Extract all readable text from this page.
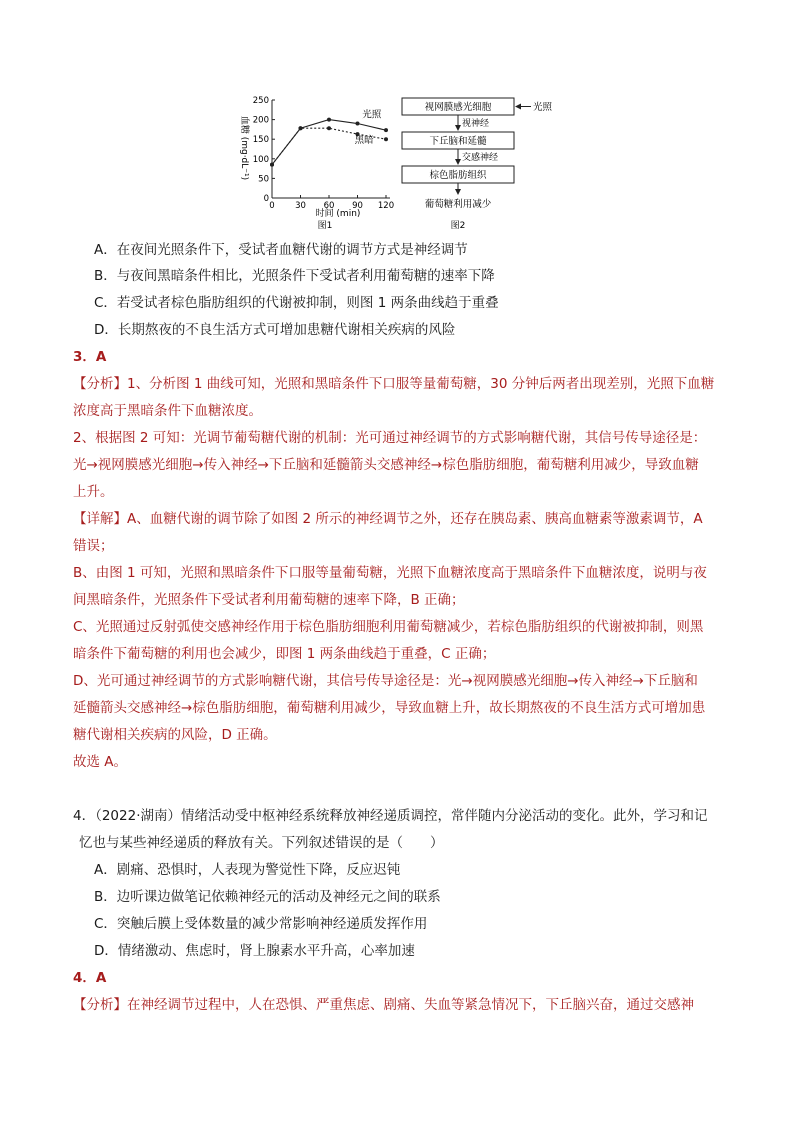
血糖 (mg·dL⁻¹)
0
50
100
150
200
250
0 30 60 90 120
光照
黑暗
时间 (min)
图1
视网膜感光细胞	光照
视神经
下丘脑和延髓
交感神经
棕色脂肪组织
葡萄糖利用减少
图2
A．在夜间光照条件下，受试者血糖代谢的调节方式是神经调节
B．与夜间黑暗条件相比，光照条件下受试者利用葡萄糖的速率下降
C．若受试者棕色脂肪组织的代谢被抑制，则图 1 两条曲线趋于重叠
D．长期熬夜的不良生活方式可增加患糖代谢相关疾病的风险
3．A
【分析】1、分析图 1 曲线可知，光照和黑暗条件下口服等量葡萄糖，30 分钟后两者出现差别，光照下血糖
浓度高于黑暗条件下血糖浓度。
2、根据图 2 可知：光调节葡萄糖代谢的机制：光可通过神经调节的方式影响糖代谢，其信号传导途径是：
光→视网膜感光细胞→传入神经→下丘脑和延髓箭头交感神经→棕色脂肪细胞，葡萄糖利用减少，导致血糖
上升。
【详解】A、血糖代谢的调节除了如图 2 所示的神经调节之外，还存在胰岛素、胰高血糖素等激素调节，A
错误；
B、由图 1 可知，光照和黑暗条件下口服等量葡萄糖，光照下血糖浓度高于黑暗条件下血糖浓度，说明与夜
间黑暗条件，光照条件下受试者利用葡萄糖的速率下降，B 正确；
C、光照通过反射弧使交感神经作用于棕色脂肪细胞利用葡萄糖减少，若棕色脂肪组织的代谢被抑制，则黑
暗条件下葡萄糖的利用也会减少，即图 1 两条曲线趋于重叠，C 正确；
D、光可通过神经调节的方式影响糖代谢，其信号传导途径是：光→视网膜感光细胞→传入神经→下丘脑和
延髓箭头交感神经→棕色脂肪细胞，葡萄糖利用减少，导致血糖上升，故长期熬夜的不良生活方式可增加患
糖代谢相关疾病的风险，D 正确。
故选 A。
4．（2022·湖南）情绪活动受中枢神经系统释放神经递质调控，常伴随内分泌活动的变化。此外，学习和记
忆也与某些神经递质的释放有关。下列叙述错误的是（　　）
A．剧痛、恐惧时，人表现为警觉性下降，反应迟钝
B．边听课边做笔记依赖神经元的活动及神经元之间的联系
C．突触后膜上受体数量的减少常影响神经递质发挥作用
D．情绪激动、焦虑时，肾上腺素水平升高，心率加速
4．A
【分析】在神经调节过程中，人在恐惧、严重焦虑、剧痛、失血等紧急情况下，下丘脑兴奋，通过交感神
